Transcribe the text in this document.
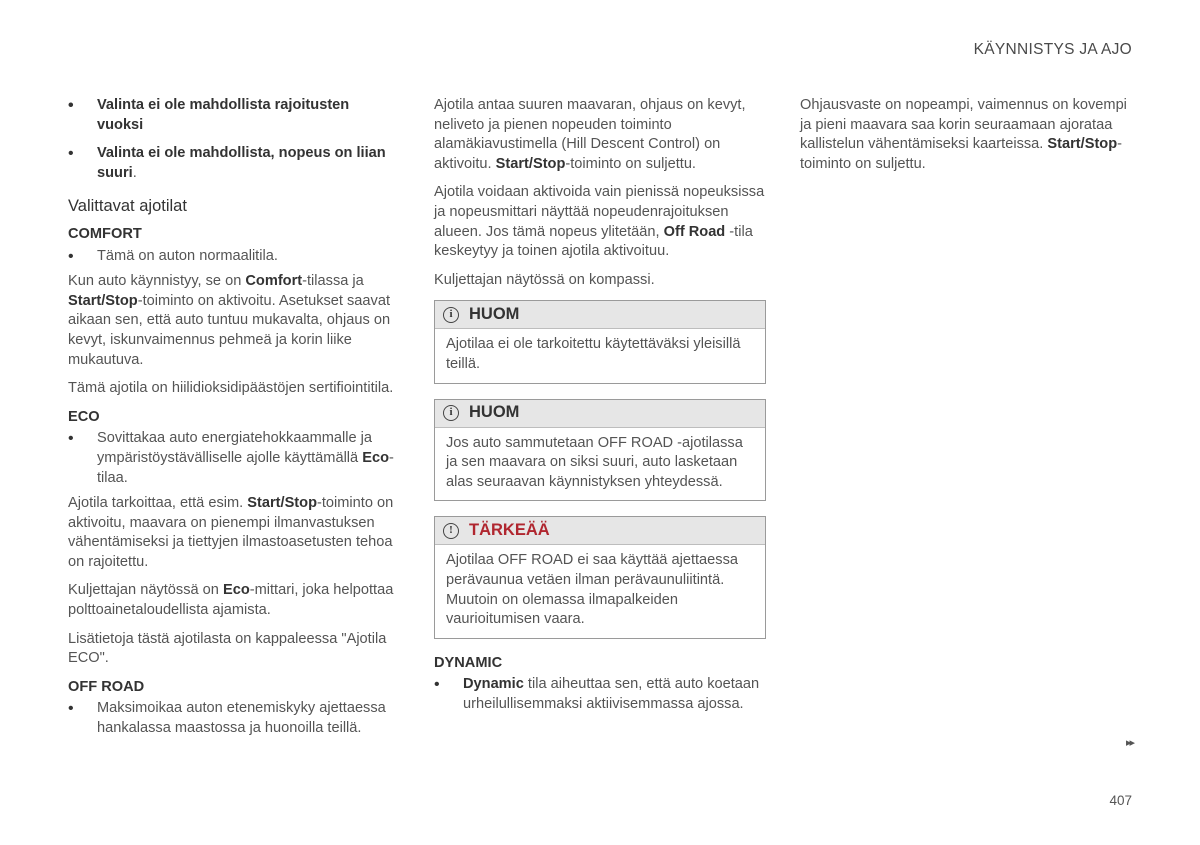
KÄYNNISTYS JA AJO
• Valinta ei ole mahdollista rajoitusten vuoksi
• Valinta ei ole mahdollista, nopeus on liian suuri.
Valittavat ajotilat
COMFORT
• Tämä on auton normaalitila.

Kun auto käynnistyy, se on Comfort-tilassa ja Start/Stop-toiminto on aktivoitu. Asetukset saavat aikaan sen, että auto tuntuu mukavalta, ohjaus on kevyt, iskunvaimennus pehmeä ja korin liike mukautuva.

Tämä ajotila on hiilidioksidipäästöjen sertifiointitila.

ECO
• Sovittakaa auto energiatehokkaammalle ja ympäristöystävälliselle ajolle käyttämällä Eco-tilaa.

Ajotila tarkoittaa, että esim. Start/Stop-toiminto on aktivoitu, maavara on pienempi ilmanvastuksen vähentämiseksi ja tiettyjen ilmastoasetusten tehoa on rajoitettu.

Kuljettajan näytössä on Eco-mittari, joka helpottaa polttoainetaloudellista ajamista.

Lisätietoja tästä ajotilasta on kappaleessa "Ajotila ECO".

OFF ROAD
• Maksimoikaa auton etenemiskyky ajettaessa hankalassa maastossa ja huonoilla teillä.

Ajotila antaa suuren maavaran, ohjaus on kevyt, neliveto ja pienen nopeuden toiminto alamäkiavustimella (Hill Descent Control) on aktivoitu. Start/Stop-toiminto on suljettu.

Ajotila voidaan aktivoida vain pienissä nopeuksissa ja nopeusmittari näyttää nopeudenrajoituksen alueen. Jos tämä nopeus ylitetään, Off Road -tila keskeytyy ja toinen ajotila aktivoituu.

Kuljettajan näytössä on kompassi.

i HUOM
Ajotilaa ei ole tarkoitettu käytettäväksi yleisillä teillä.
i HUOM
Jos auto sammutetaan OFF ROAD -ajotilassa ja sen maavara on siksi suuri, auto lasketaan alas seuraavan käynnistyksen yhteydessä.
! TÄRKEÄÄ
Ajotilaa OFF ROAD ei saa käyttää ajettaessa perävaunua vetäen ilman perävaunuliitintä. Muutoin on olemassa ilmapalkeiden vaurioitumisen vaara.
DYNAMIC
• Dynamic tila aiheuttaa sen, että auto koetaan urheilullisemmaksi aktiivisemmassa ajossa.

Ohjausvaste on nopeampi, vaimennus on kovempi ja pieni maavara saa korin seuraamaan ajorataa kallistelun vähentämiseksi kaarteissa. Start/Stop-toiminto on suljettu.

▸▸
407
